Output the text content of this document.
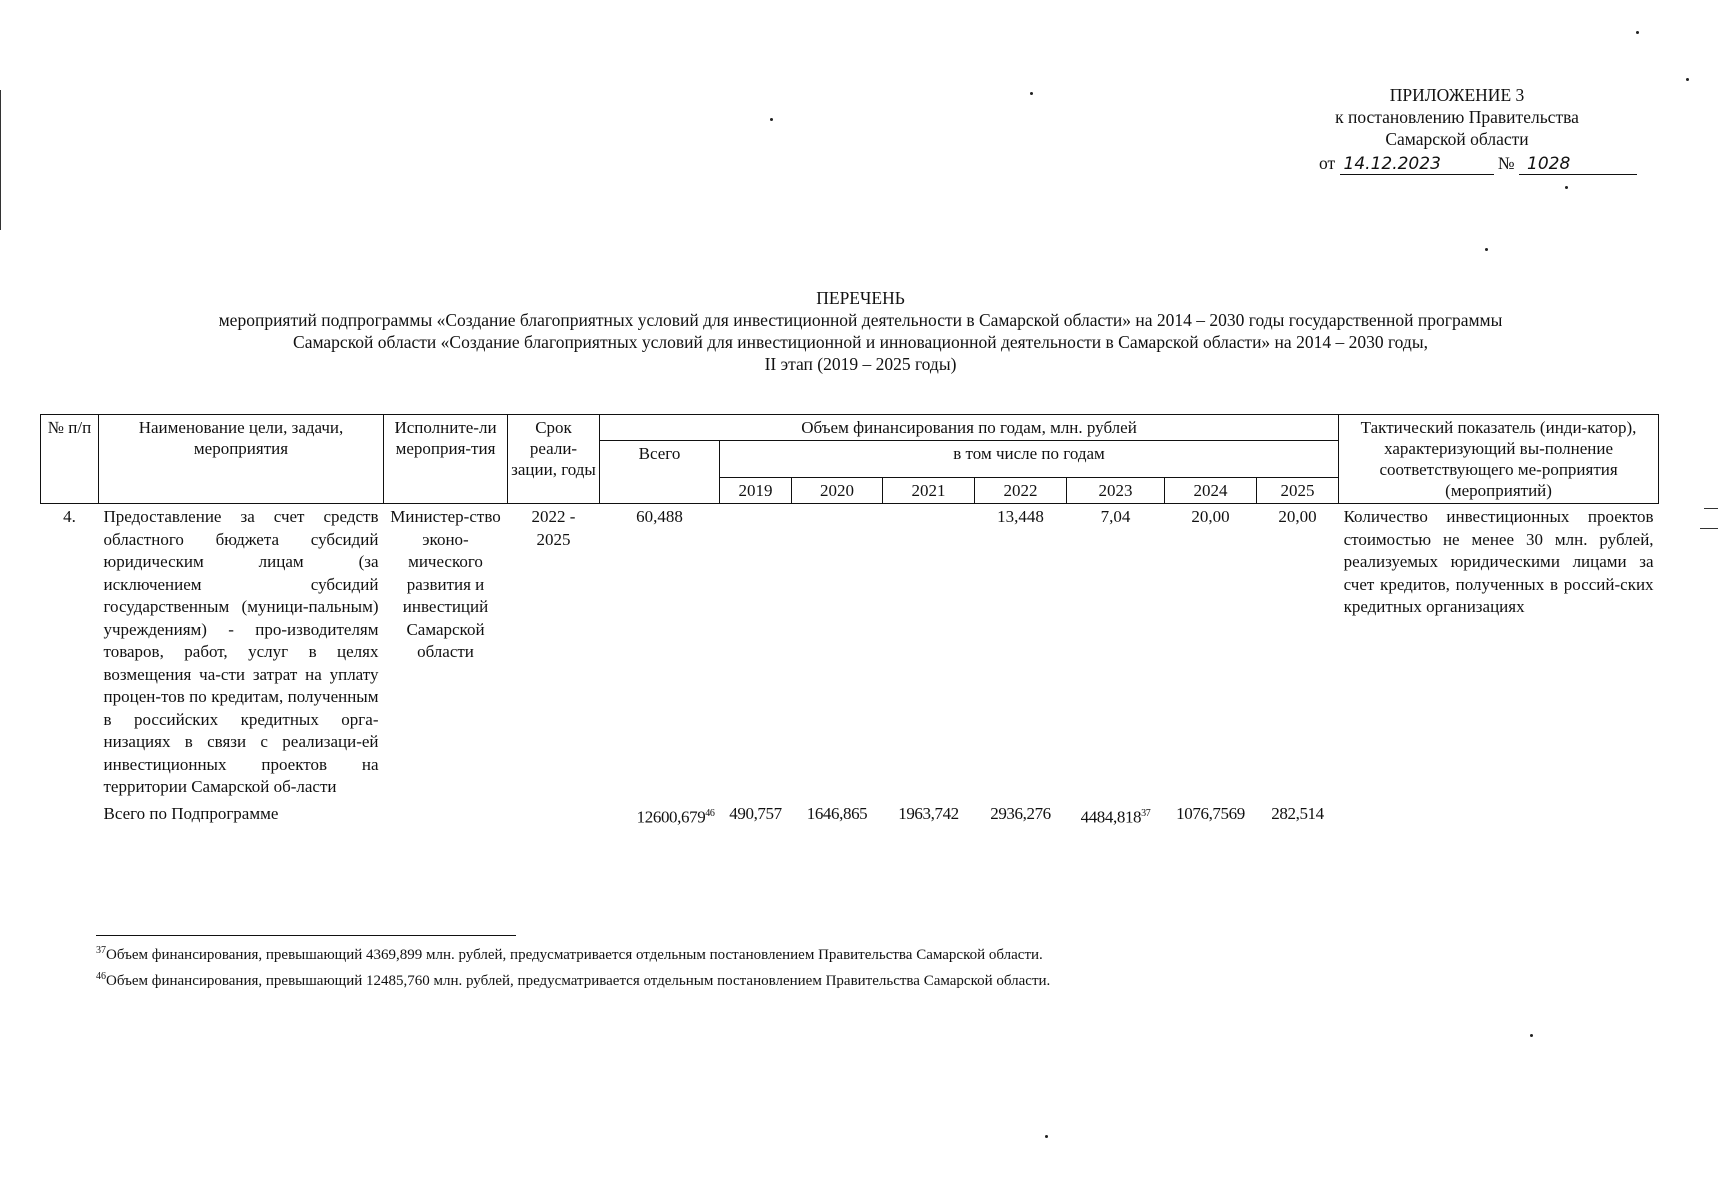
ПРИЛОЖЕНИЕ 3
к постановлению Правительства
Самарской области
от 14.12.2023	№ 1028
ПЕРЕЧЕНЬ
мероприятий подпрограммы «Создание благоприятных условий для инвестиционной деятельности в Самарской области» на 2014 – 2030 годы государственной программы
Самарской области «Создание благоприятных условий для инвестиционной и инновационной деятельности в Самарской области» на 2014 – 2030 годы,
II этап (2019 – 2025 годы)
№ п/п	Наименование цели, задачи, мероприятия	Исполните-ли мероприя-тия	Срок реали-зации, годы	Объем финансирования по годам, млн. рублей								Тактический показатель (инди-катор), характеризующий вы-полнение соответствующего ме-роприятия (мероприятий)
				Всего	в том числе по годам							
					2019	2020	2021	2022	2023	2024	2025	
4.	Предоставление за счет средств областного бюджета субсидий юридическим лицам (за исключением субсидий государственным (муници-пальным) учреждениям) - про-изводителям товаров, работ, услуг в целях возмещения ча-сти затрат на уплату процен-тов по кредитам, полученным в российских кредитных орга-низациях в связи с реализаци-ей инвестиционных проектов на территории Самарской об-ласти	Министер-ство эконо-мического развития и инвестиций Самарской области	2022 - 2025	60,488				13,448	7,04	20,00	20,00	Количество инвестиционных проектов стоимостью не менее 30 млн. рублей, реализуемых юридическими лицами за счет кредитов, полученных в россий-ских кредитных организациях
	Всего по Подпрограмме			12600,679$^{46}$	490,757	1646,865	1963,742	2936,276	4484,818$^{37}$	1076,7569	282,514	
$^{37}$Объем финансирования, превышающий 4369,899 млн. рублей, предусматривается отдельным постановлением Правительства Самарской области.
$^{46}$Объем финансирования, превышающий 12485,760 млн. рублей, предусматривается отдельным постановлением Правительства Самарской области.
